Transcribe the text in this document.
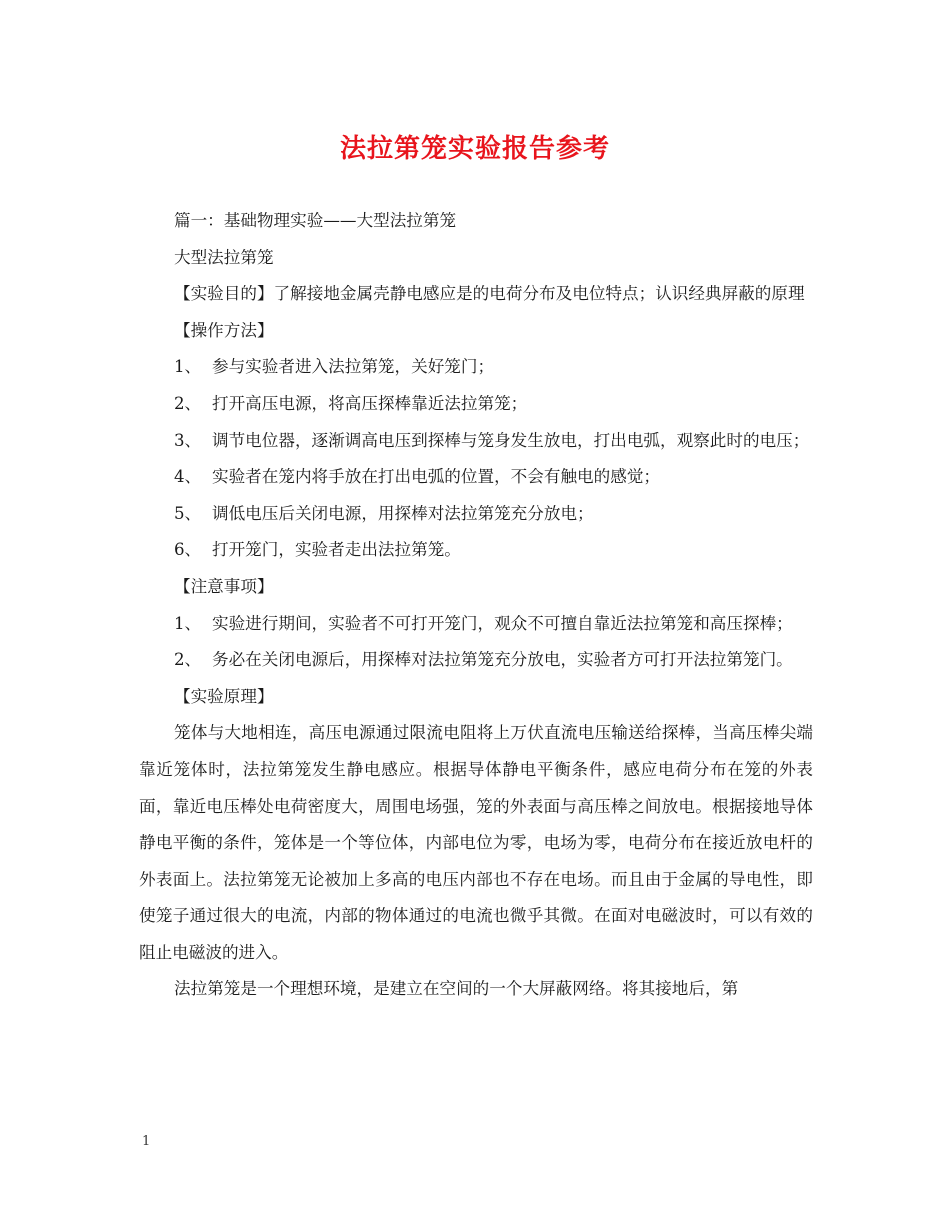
法拉第笼实验报告参考

篇一：基础物理实验——大型法拉第笼

大型法拉第笼

【实验目的】了解接地金属壳静电感应是的电荷分布及电位特点；认识经典屏蔽的原理

【操作方法】

1、 参与实验者进入法拉第笼，关好笼门；

2、 打开高压电源，将高压探棒靠近法拉第笼；

3、 调节电位器，逐渐调高电压到探棒与笼身发生放电，打出电弧，观察此时的电压；

4、 实验者在笼内将手放在打出电弧的位置，不会有触电的感觉；

5、 调低电压后关闭电源，用探棒对法拉第笼充分放电；

6、 打开笼门，实验者走出法拉第笼。

【注意事项】

1、 实验进行期间，实验者不可打开笼门，观众不可擅自靠近法拉第笼和高压探棒；

2、 务必在关闭电源后，用探棒对法拉第笼充分放电，实验者方可打开法拉第笼门。

【实验原理】

笼体与大地相连，高压电源通过限流电阻将上万伏直流电压输送给探棒，当高压棒尖端靠近笼体时，法拉第笼发生静电感应。根据导体静电平衡条件，感应电荷分布在笼的外表面，靠近电压棒处电荷密度大，周围电场强，笼的外表面与高压棒之间放电。根据接地导体静电平衡的条件，笼体是一个等位体，内部电位为零，电场为零，电荷分布在接近放电杆的外表面上。法拉第笼无论被加上多高的电压内部也不存在电场。而且由于金属的导电性，即使笼子通过很大的电流，内部的物体通过的电流也微乎其微。在面对电磁波时，可以有效的阻止电磁波的进入。

法拉第笼是一个理想环境，是建立在空间的一个大屏蔽网络。将其接地后，第

1
